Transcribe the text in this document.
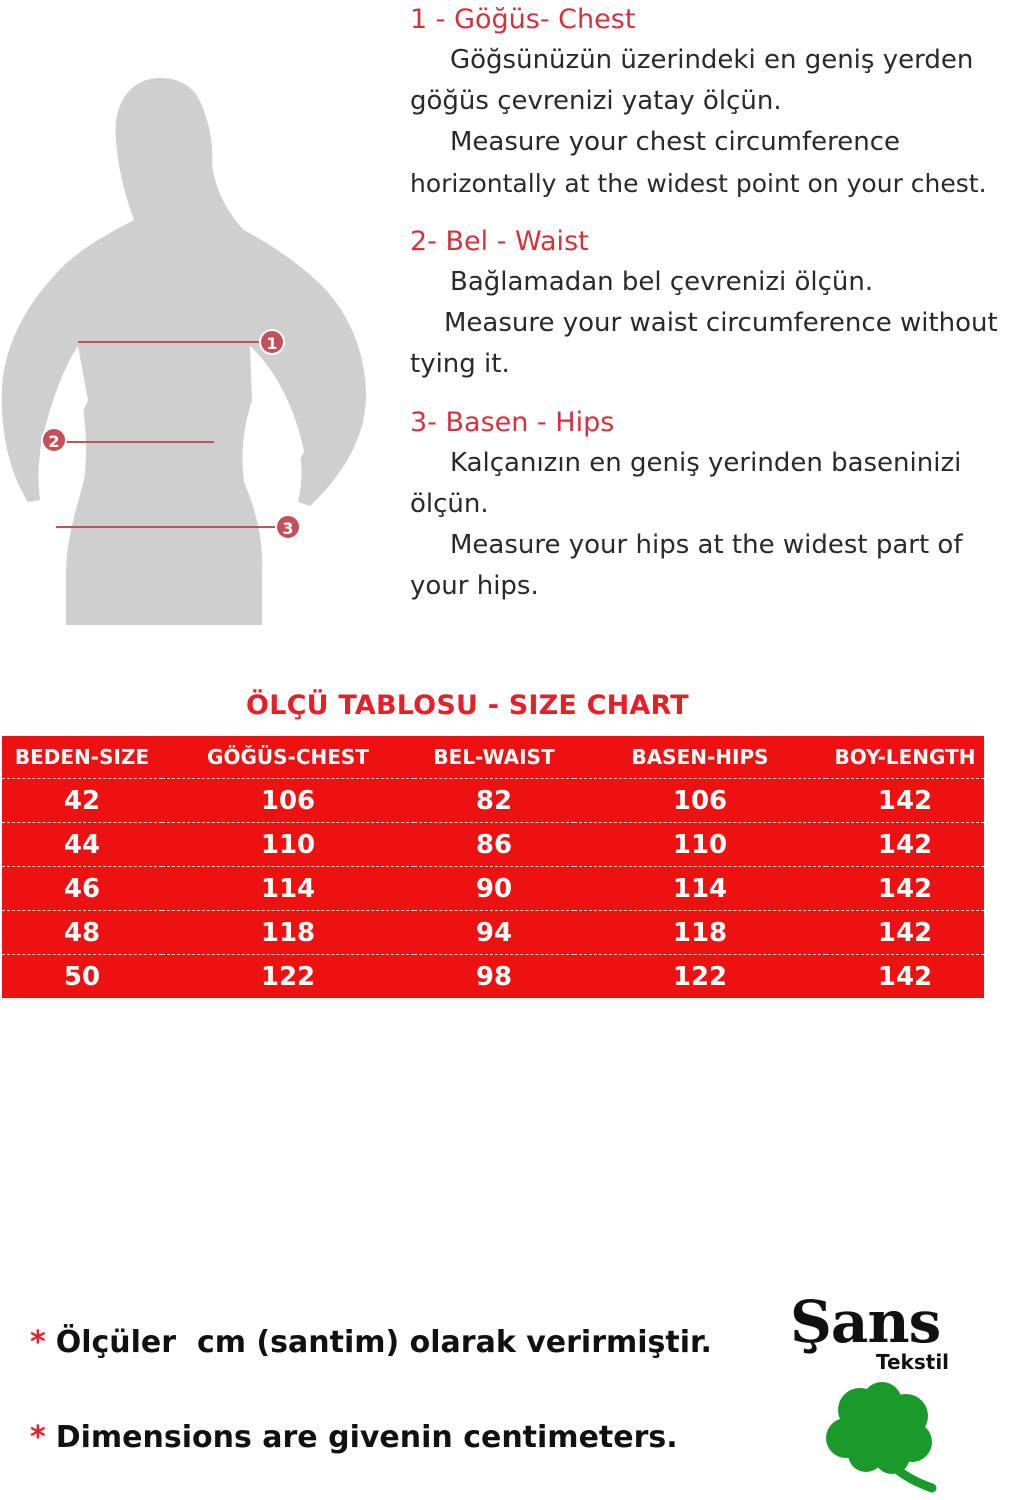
1
2
3

1 - Göğüs- Chest

Göğsünüzün üzerindeki en geniş yerden

göğüs çevrenizi yatay ölçün.

Measure your chest circumference

horizontally at the widest point on your chest.

2- Bel - Waist

Bağlamadan bel çevrenizi ölçün.

Measure your waist circumference without

tying it.

3- Basen - Hips

Kalçanızın en geniş yerinden baseninizi

ölçün.

Measure your hips at the widest part of

your hips.

ÖLÇÜ TABLOSU - SIZE CHART
BEDEN-SIZE	GÖĞÜS-CHEST	BEL-WAIST	BASEN-HIPS	BOY-LENGTH
42	106	82	106	142
44	110	86	110	142
46	114	90	114	142
48	118	94	118	142
50	122	98	122	142
* Ölçüler  cm (santim) olarak verirmiştir.
* Dimensions are givenin centimeters.
Şans
Tekstil
